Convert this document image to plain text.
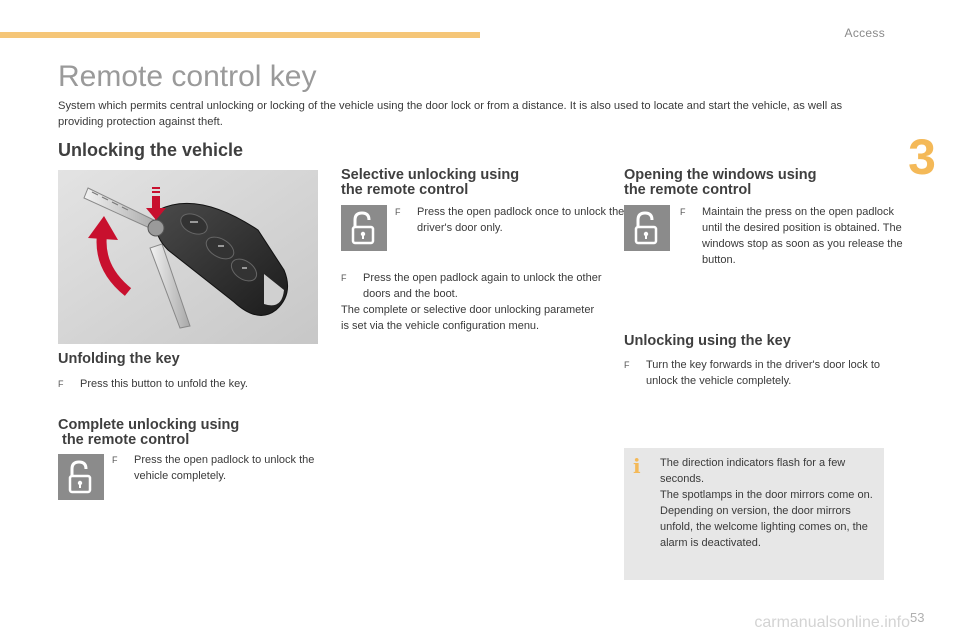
Access
3
Remote control key
System which permits central unlocking or locking of the vehicle using the door lock or from a distance. It is also used to locate and start the vehicle, as well as providing protection against theft.
Unlocking the vehicle
Unfolding the key
F Press this button to unfold the key.
Complete unlocking using
the remote control
F Press the open padlock to unlock the vehicle completely.
Selective unlocking using
the remote control
F Press the open padlock once to unlock the driver's door only.
F Press the open padlock again to unlock the other doors and the boot.
The complete or selective door unlocking parameter is set via the vehicle configuration menu.
Opening the windows using
the remote control
F Maintain the press on the open padlock until the desired position is obtained. The windows stop as soon as you release the button.
Unlocking using the key
F Turn the key forwards in the driver's door lock to unlock the vehicle completely.
i The direction indicators flash for a few seconds.
The spotlamps in the door mirrors come on.
Depending on version, the door mirrors unfold, the welcome lighting comes on, the alarm is deactivated.
53
carmanualsonline.info
